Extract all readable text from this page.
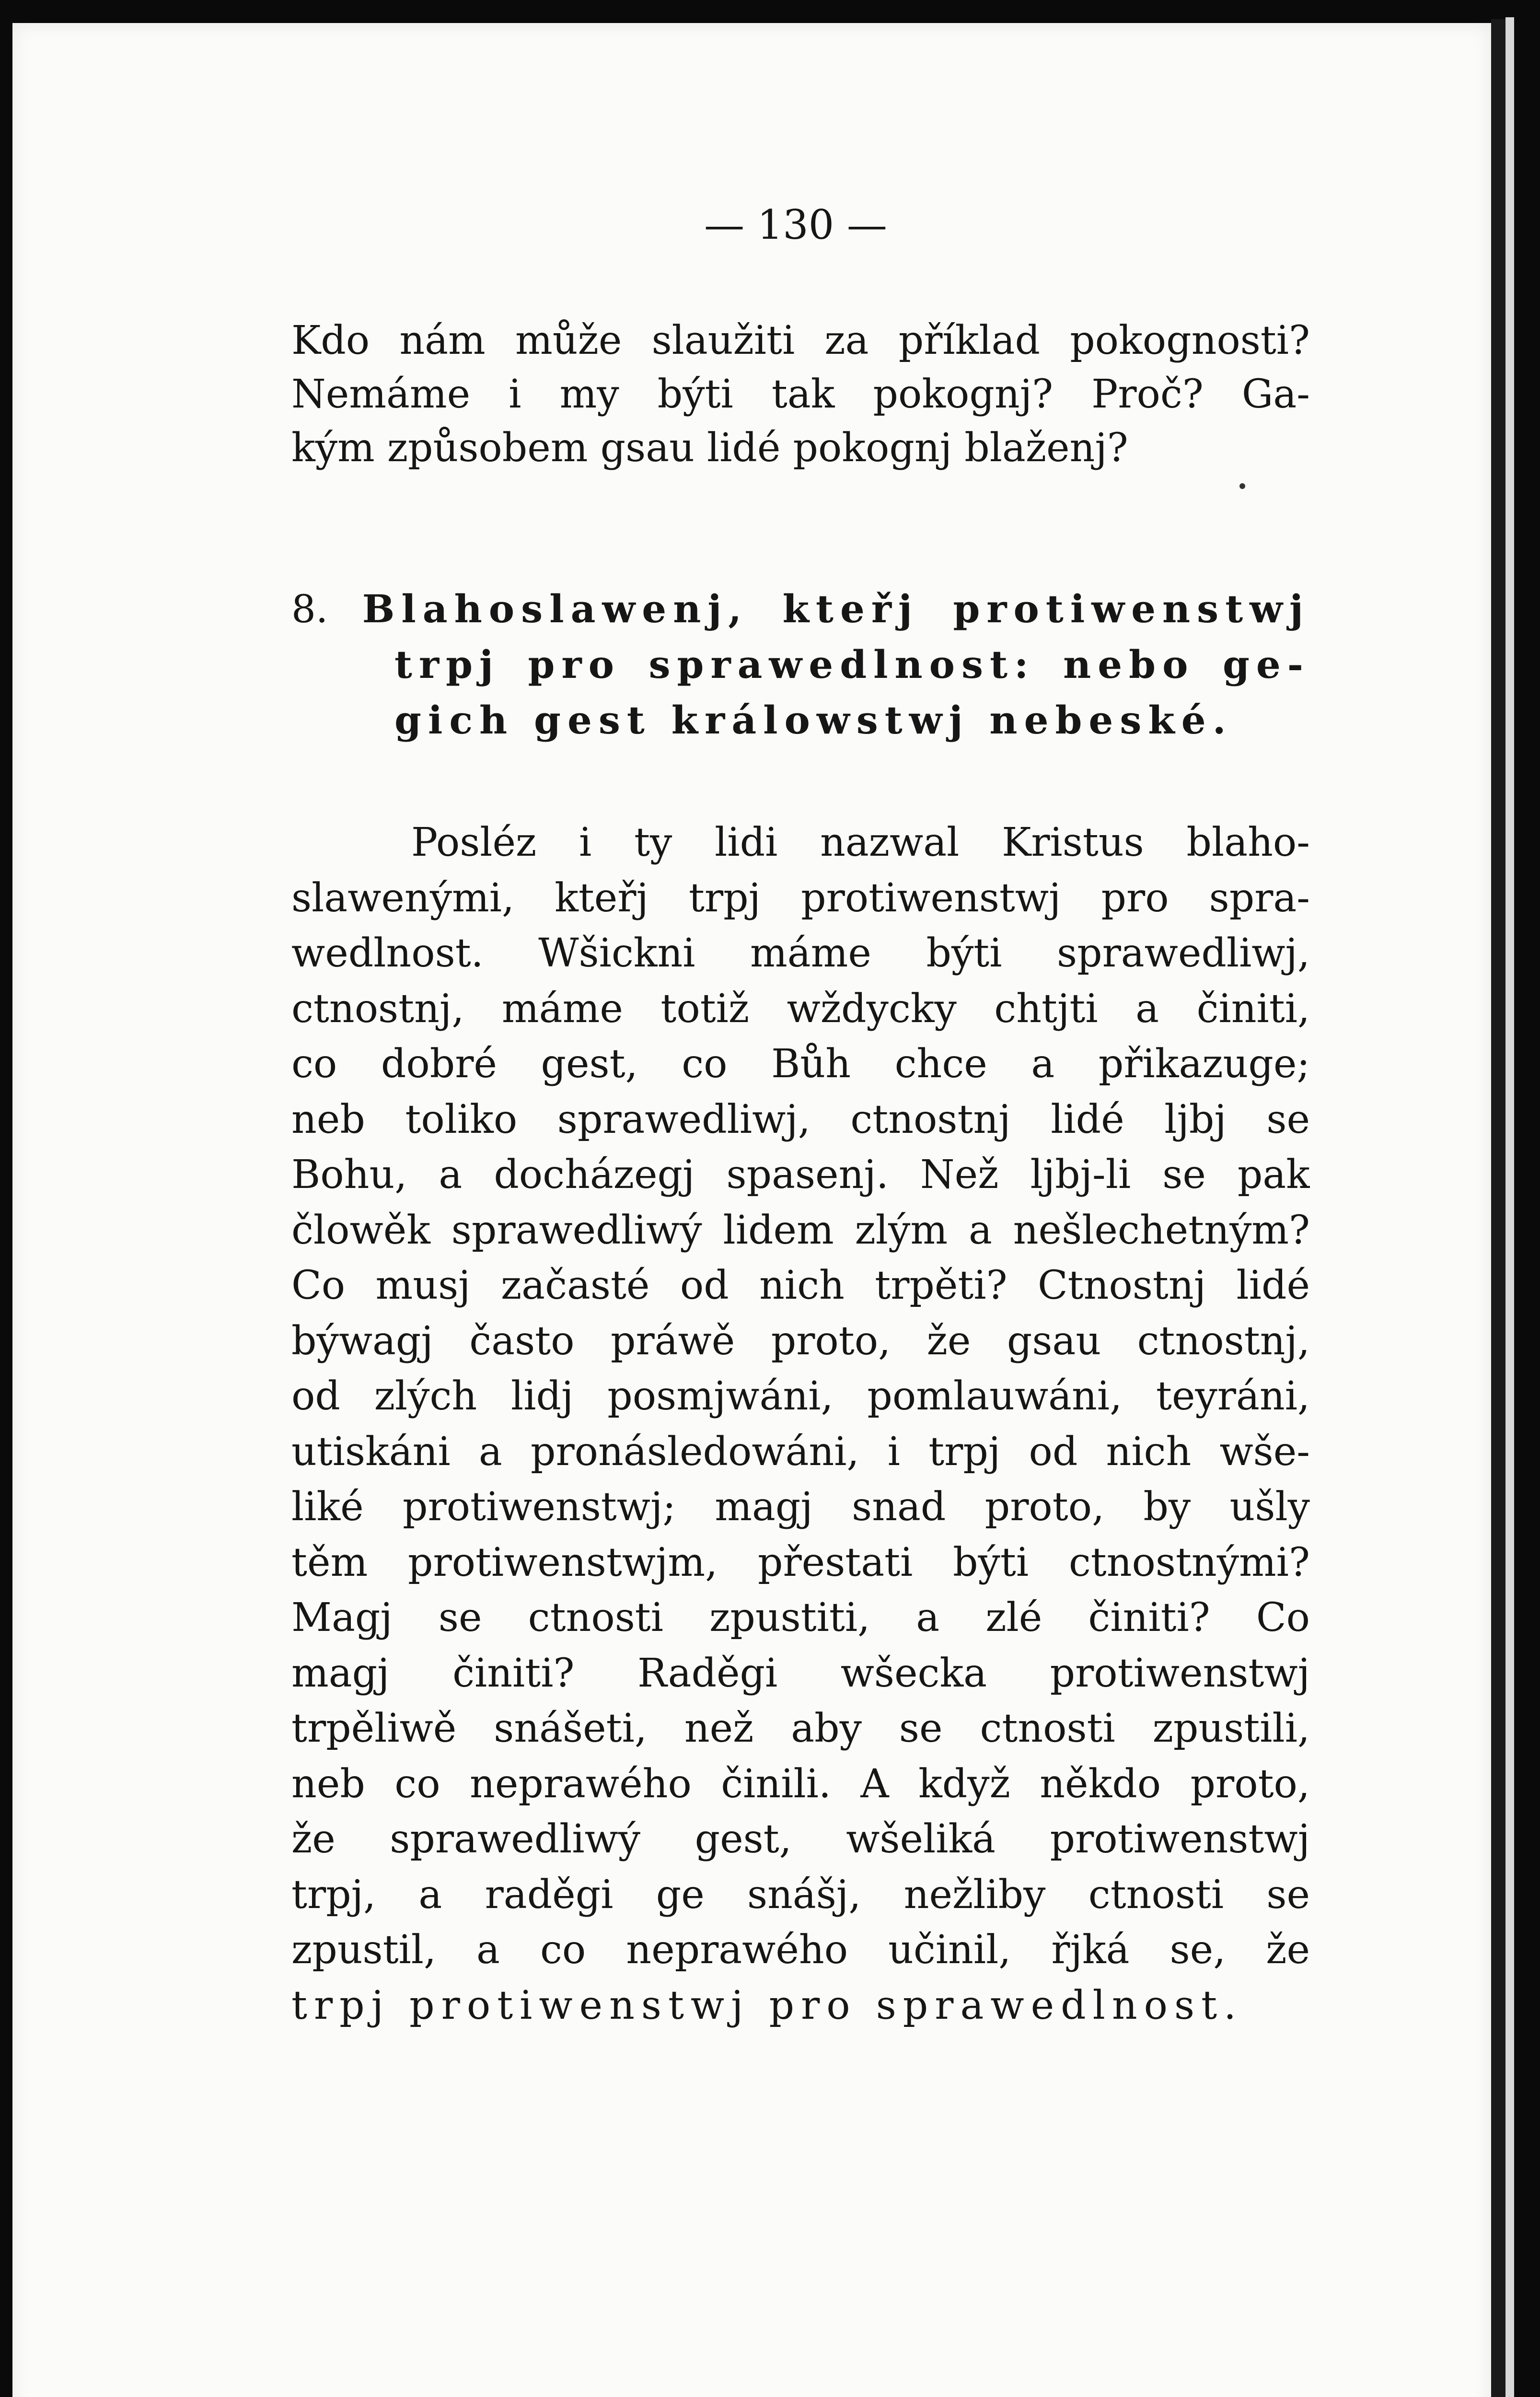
— 130 —
Kdo nám může slaužiti za příklad pokognosti?
Nemáme i my býti tak pokognj? Proč? Ga-
kým způsobem gsau lidé pokognj blaženj?
8. Blahoslawenj, kteřj protiwenstwj
trpj pro sprawedlnost: nebo ge-
gich gest králowstwj nebeské.
Posléz i ty lidi nazwal Kristus blaho-
slawenými, kteřj trpj protiwenstwj pro spra-
wedlnost. Wšickni máme býti sprawedliwj,
ctnostnj, máme totiž wždycky chtjti a činiti,
co dobré gest, co Bůh chce a přikazuge;
neb toliko sprawedliwj, ctnostnj lidé ljbj se
Bohu, a docházegj spasenj. Než ljbj-li se pak
člowěk sprawedliwý lidem zlým a nešlechetným?
Co musj začasté od nich trpěti? Ctnostnj lidé
býwagj často práwě proto, že gsau ctnostnj,
od zlých lidj posmjwáni, pomlauwáni, teyráni,
utiskáni a pronásledowáni, i trpj od nich wše-
liké protiwenstwj; magj snad proto, by ušly
těm protiwenstwjm, přestati býti ctnostnými?
Magj se ctnosti zpustiti, a zlé činiti? Co
magj činiti? Raděgi wšecka protiwenstwj
trpěliwě snášeti, než aby se ctnosti zpustili,
neb co neprawého činili. A když někdo proto,
že sprawedliwý gest, wšeliká protiwenstwj
trpj, a raděgi ge snášj, nežliby ctnosti se
zpustil, a co neprawého učinil, řjká se, že
trpj protiwenstwj pro sprawedlnost.
